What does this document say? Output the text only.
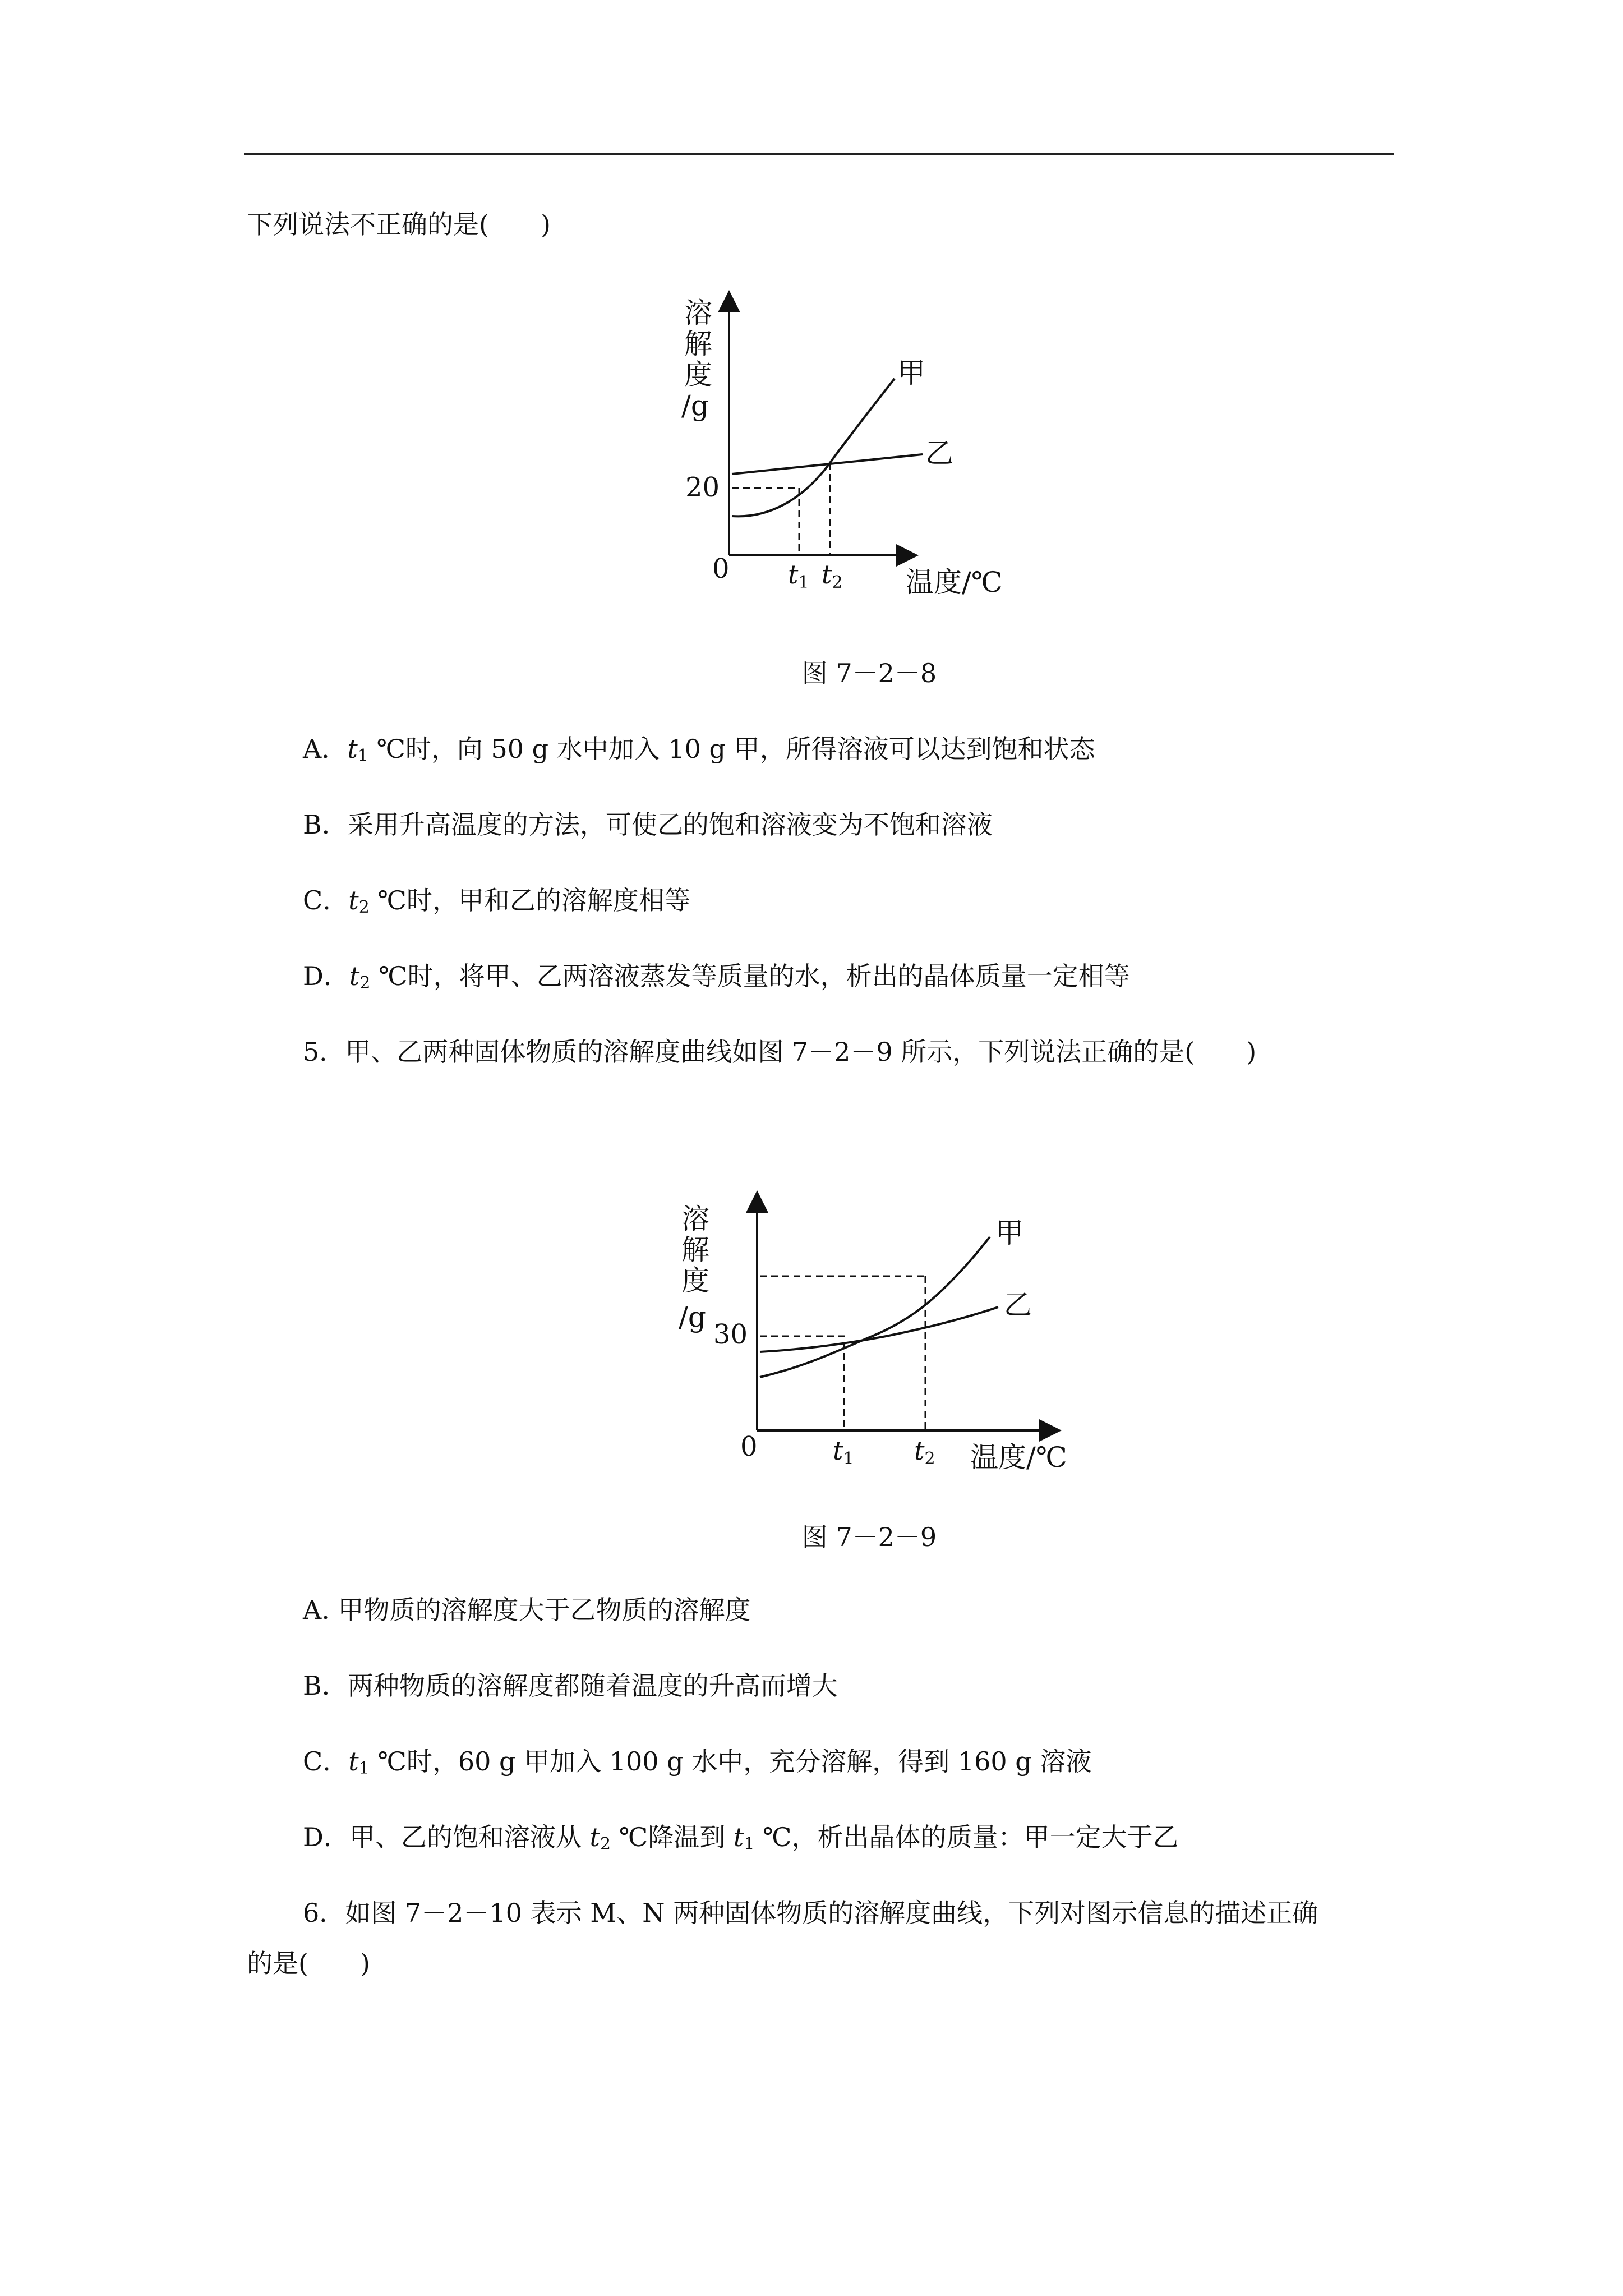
下列说法不正确的是(　　)
溶
解
度
/g
20
0
甲
乙
t1 t2 温度/℃
图 7－2－8
A．$t_1$ ℃时，向 50 g 水中加入 10 g 甲，所得溶液可以达到饱和状态
B．采用升高温度的方法，可使乙的饱和溶液变为不饱和溶液
C．$t_2$ ℃时，甲和乙的溶解度相等
D．$t_2$ ℃时，将甲、乙两溶液蒸发等质量的水，析出的晶体质量一定相等
5．甲、乙两种固体物质的溶解度曲线如图 7－2－9 所示，下列说法正确的是(　　)
溶
解
度
/g
30
0
甲
乙
t1 t2 温度/℃
图 7－2－9
A. 甲物质的溶解度大于乙物质的溶解度
B．两种物质的溶解度都随着温度的升高而增大
C．$t_1$ ℃时，60 g 甲加入 100 g 水中，充分溶解，得到 160 g 溶液
D．甲、乙的饱和溶液从 $t_2$ ℃降温到 $t_1$ ℃，析出晶体的质量：甲一定大于乙
6．如图 7－2－10 表示 M、N 两种固体物质的溶解度曲线，下列对图示信息的描述正确
的是(　　)
